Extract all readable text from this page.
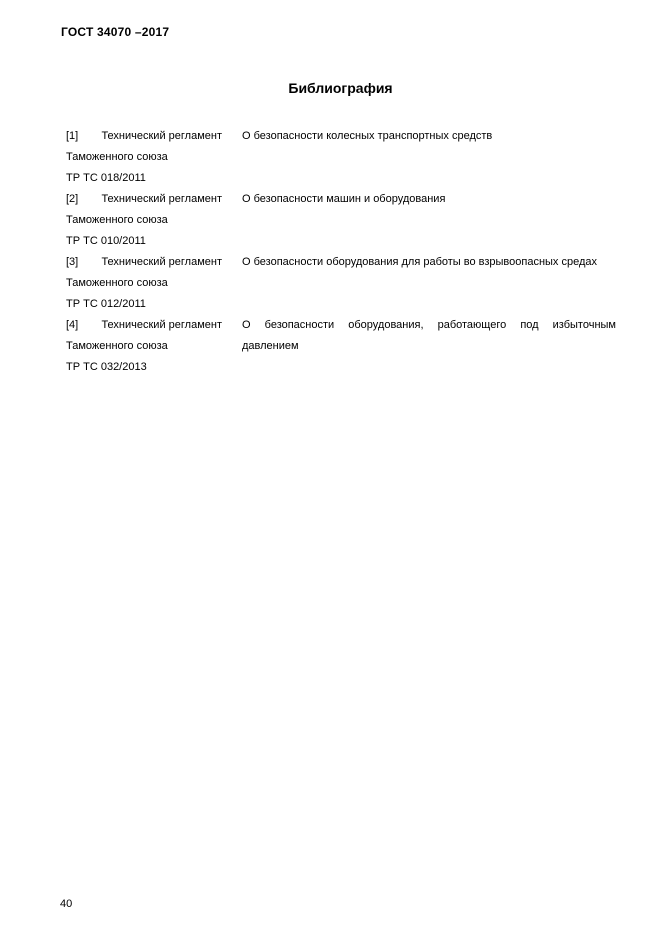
ГОСТ 34070 –2017
Библиография
[1] Технический регламент
Таможенного союза
ТР ТС 018/2011
О безопасности колесных транспортных средств
[2] Технический регламент
Таможенного союза
ТР ТС 010/2011
О безопасности машин и оборудования
[3] Технический регламент
Таможенного союза
ТР ТС 012/2011
О безопасности оборудования для работы во взрывоопасных средах
[4] Технический регламент
Таможенного союза
ТР ТС 032/2013
О безопасности оборудования, работающего под избыточным давлением
40
